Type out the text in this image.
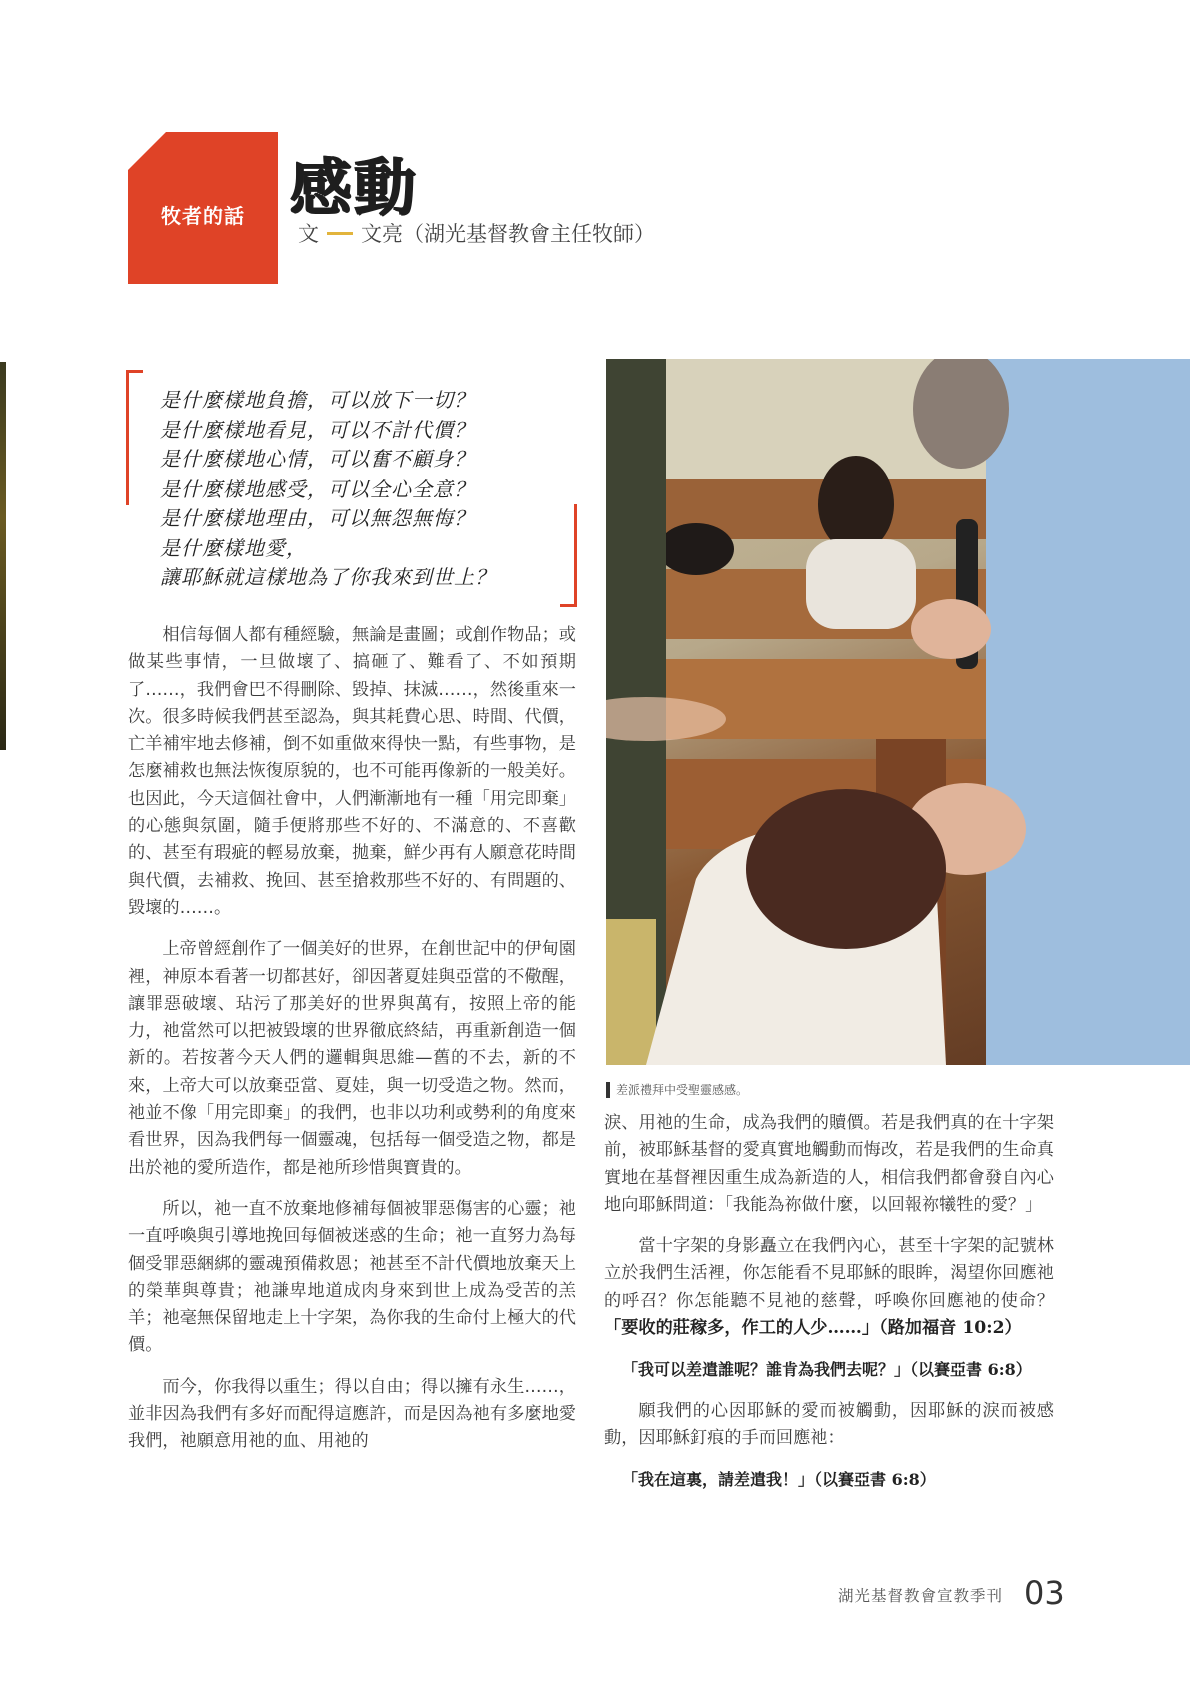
牧者的話 感動
文 文亮（湖光基督教會主任牧師）
是什麼樣地負擔，可以放下一切？
是什麼樣地看見，可以不計代價？
是什麼樣地心情，可以奮不顧身？
是什麼樣地感受，可以全心全意？
是什麼樣地理由，可以無怨無悔？
是什麼樣地愛，
讓耶穌就這樣地為了你我來到世上？

相信每個人都有種經驗，無論是畫圖；或創作物品；或做某些事情，一旦做壞了、搞砸了、難看了、不如預期了……，我們會巴不得刪除、毀掉、抹滅……，然後重來一次。很多時候我們甚至認為，與其耗費心思、時間、代價，亡羊補牢地去修補，倒不如重做來得快一點，有些事物，是怎麼補救也無法恢復原貌的，也不可能再像新的一般美好。也因此，今天這個社會中，人們漸漸地有一種「用完即棄」的心態與氛圍，隨手便將那些不好的、不滿意的、不喜歡的、甚至有瑕疵的輕易放棄，拋棄，鮮少再有人願意花時間與代價，去補救、挽回、甚至搶救那些不好的、有問題的、毀壞的……。

上帝曾經創作了一個美好的世界，在創世記中的伊甸園裡，神原本看著一切都甚好，卻因著夏娃與亞當的不儆醒，讓罪惡破壞、玷污了那美好的世界與萬有，按照上帝的能力，祂當然可以把被毀壞的世界徹底終結，再重新創造一個新的。若按著今天人們的邏輯與思維—舊的不去，新的不來，上帝大可以放棄亞當、夏娃，與一切受造之物。然而，祂並不像「用完即棄」的我們，也非以功利或勢利的角度來看世界，因為我們每一個靈魂，包括每一個受造之物，都是出於祂的愛所造作，都是祂所珍惜與寶貴的。

所以，祂一直不放棄地修補每個被罪惡傷害的心靈；祂一直呼喚與引導地挽回每個被迷惑的生命；祂一直努力為每個受罪惡綑綁的靈魂預備救恩；祂甚至不計代價地放棄天上的榮華與尊貴；祂謙卑地道成肉身來到世上成為受苦的羔羊；祂毫無保留地走上十字架，為你我的生命付上極大的代價。

而今，你我得以重生；得以自由；得以擁有永生……，並非因為我們有多好而配得這應許，而是因為祂有多麼地愛我們，祂願意用祂的血、用祂的

差派禮拜中受聖靈感感。

淚、用祂的生命，成為我們的贖價。若是我們真的在十字架前，被耶穌基督的愛真實地觸動而悔改，若是我們的生命真實地在基督裡因重生成為新造的人，相信我們都會發自內心地向耶穌問道：「我能為祢做什麼，以回報祢犧牲的愛？」

當十字架的身影矗立在我們內心，甚至十字架的記號林立於我們生活裡，你怎能看不見耶穌的眼眸，渴望你回應祂的呼召？你怎能聽不見祂的慈聲，呼喚你回應祂的使命？「要收的莊稼多，作工的人少……」（路加福音 10:2）

「我可以差遣誰呢？誰肯為我們去呢？」（以賽亞書 6:8）

願我們的心因耶穌的愛而被觸動，因耶穌的淚而被感動，因耶穌釘痕的手而回應祂：

「我在這裏，請差遣我！」（以賽亞書 6:8）

湖光基督教會宣教季刊 03
